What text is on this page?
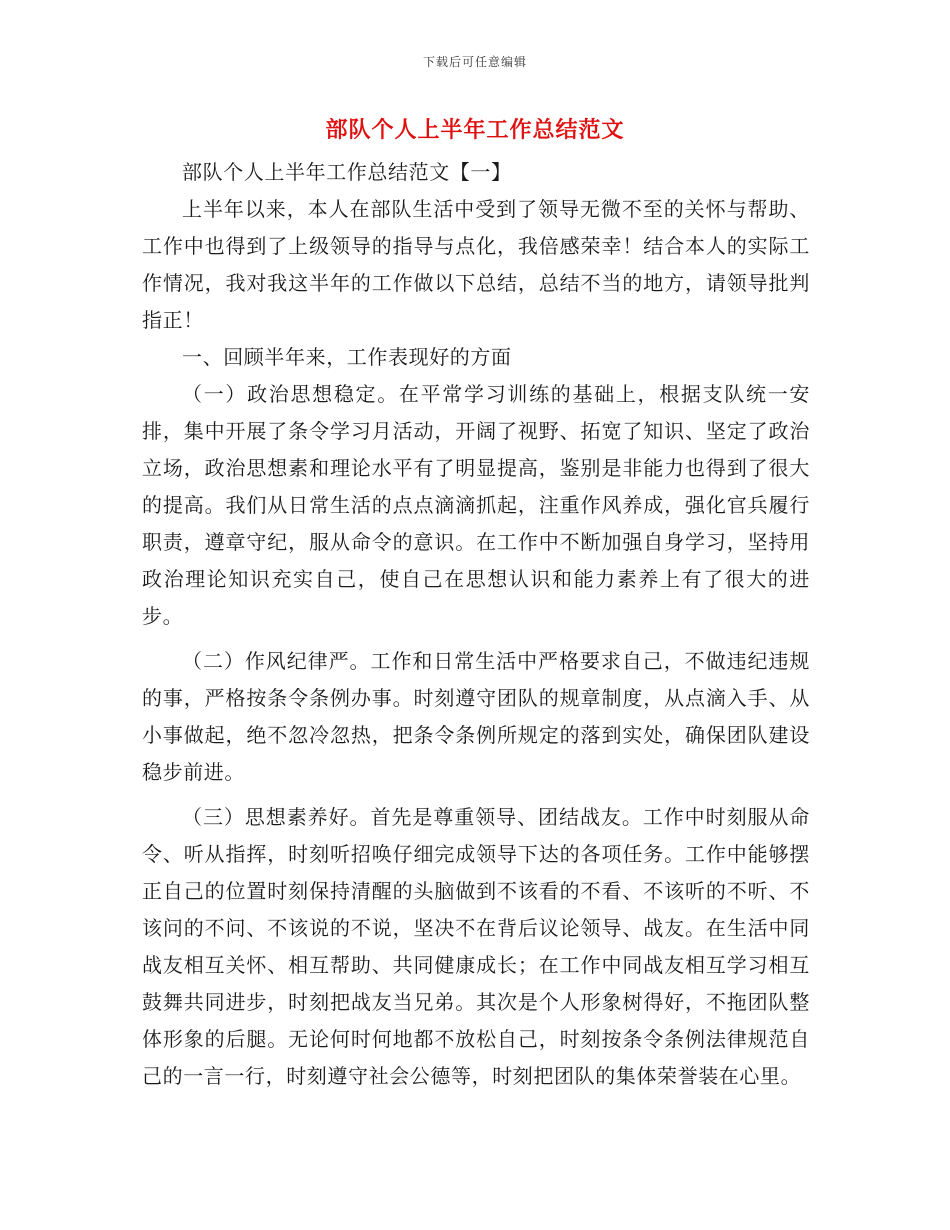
下载后可任意编辑
部队个人上半年工作总结范文

部队个人上半年工作总结范文【一】

上半年以来，本人在部队生活中受到了领导无微不至的关怀与帮助、工作中也得到了上级领导的指导与点化，我倍感荣幸！结合本人的实际工作情况，我对我这半年的工作做以下总结，总结不当的地方，请领导批判指正！

一、回顾半年来，工作表现好的方面

（一）政治思想稳定。在平常学习训练的基础上，根据支队统一安排，集中开展了条令学习月活动，开阔了视野、拓宽了知识、坚定了政治立场，政治思想素和理论水平有了明显提高，鉴别是非能力也得到了很大的提高。我们从日常生活的点点滴滴抓起，注重作风养成，强化官兵履行职责，遵章守纪，服从命令的意识。在工作中不断加强自身学习，坚持用政治理论知识充实自己，使自己在思想认识和能力素养上有了很大的进步。

（二）作风纪律严。工作和日常生活中严格要求自己，不做违纪违规的事，严格按条令条例办事。时刻遵守团队的规章制度，从点滴入手、从小事做起，绝不忽冷忽热，把条令条例所规定的落到实处，确保团队建设稳步前进。

（三）思想素养好。首先是尊重领导、团结战友。工作中时刻服从命令、听从指挥，时刻听招唤仔细完成领导下达的各项任务。工作中能够摆正自己的位置时刻保持清醒的头脑做到不该看的不看、不该听的不听、不该问的不问、不该说的不说，坚决不在背后议论领导、战友。在生活中同战友相互关怀、相互帮助、共同健康成长；在工作中同战友相互学习相互鼓舞共同进步，时刻把战友当兄弟。其次是个人形象树得好，不拖团队整体形象的后腿。无论何时何地都不放松自己，时刻按条令条例法律规范自己的一言一行，时刻遵守社会公德等，时刻把团队的集体荣誉装在心里。
